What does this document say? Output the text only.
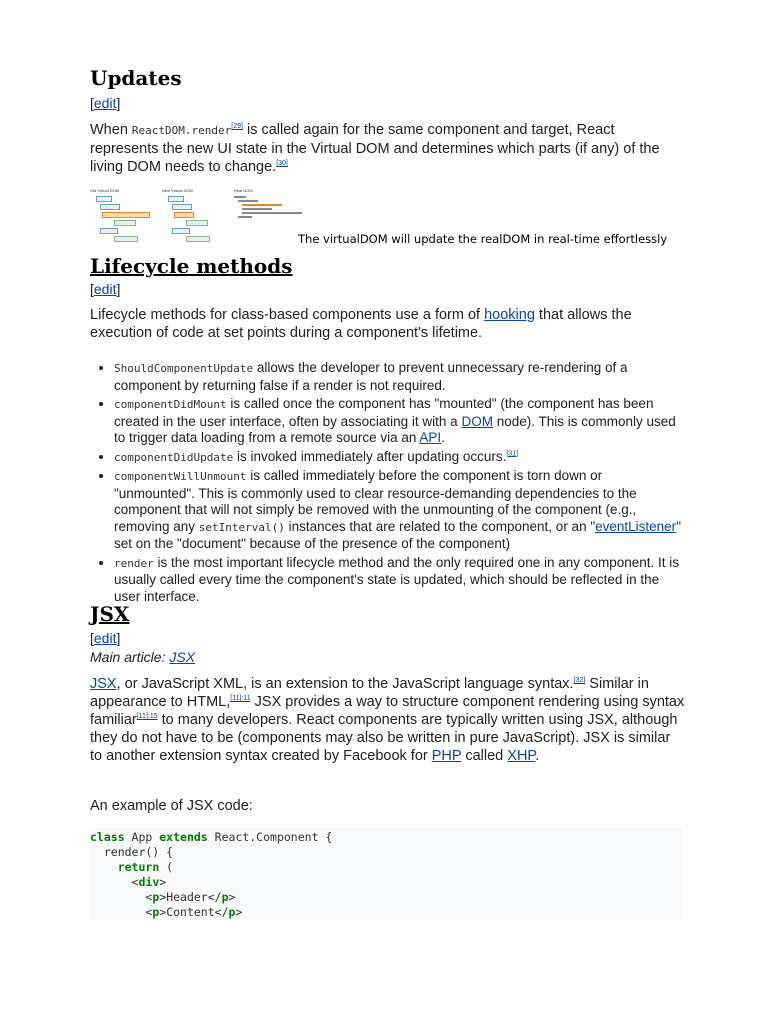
Updates
[edit]

When ReactDOM.render[29] is called again for the same component and target, React represents the new UI state in the Virtual DOM and determines which parts (if any) of the living DOM needs to change.[30]

Old Virtual DOM	New Virtual DOM	Real DOM
The virtualDOM will update the realDOM in real-time effortlessly
Lifecycle methods
[edit]

Lifecycle methods for class-based components use a form of hooking that allows the execution of code at set points during a component's lifetime.

• ShouldComponentUpdate allows the developer to prevent unnecessary re-rendering of a component by returning false if a render is not required.
• componentDidMount is called once the component has "mounted" (the component has been created in the user interface, often by associating it with a DOM node). This is commonly used to trigger data loading from a remote source via an API.
• componentDidUpdate is invoked immediately after updating occurs.[31]
• componentWillUnmount is called immediately before the component is torn down or "unmounted". This is commonly used to clear resource-demanding dependencies to the component that will not simply be removed with the unmounting of the component (e.g., removing any setInterval() instances that are related to the component, or an "eventListener" set on the "document" because of the presence of the component)
• render is the most important lifecycle method and the only required one in any component. It is usually called every time the component's state is updated, which should be reflected in the user interface.
JSX
[edit]
Main article: JSX

JSX, or JavaScript XML, is an extension to the JavaScript language syntax.[32] Similar in appearance to HTML,$^{[11]:11}$ JSX provides a way to structure component rendering using syntax familiar$^{[11]:15}$ to many developers. React components are typically written using JSX, although they do not have to be (components may also be written in pure JavaScript). JSX is similar to another extension syntax created by Facebook for PHP called XHP.

An example of JSX code:

class App extends React.Component {
render() {
return (
<div>
<p>Header</p>
<p>Content</p>
